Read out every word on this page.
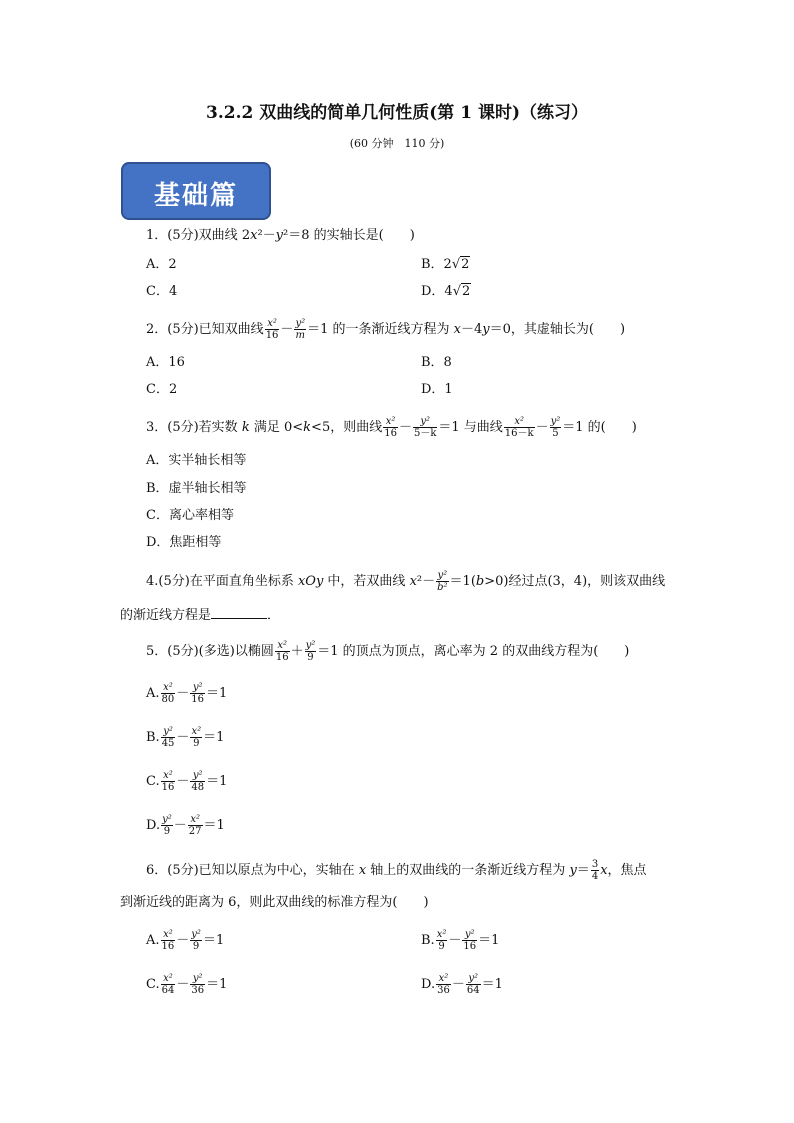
3.2.2 双曲线的简单几何性质(第 1 课时)（练习）
(60 分钟　110 分)
基础篇
1．(5分)双曲线 2x²－y²＝8 的实轴长是(　　)
A．2	B．2√2
C．4	D．4√2
2．(5分)已知双曲线 $\frac{\text{x²}}{16} - \frac{\text{y²}}{m} =1$ 的一条渐近线方程为 x－4y＝0，其虚轴长为(　　)
A．16	B．8
C．2	D．1
3．(5分)若实数 k 满足 0<k<5，则曲线 $\frac{\text{x²}}{16} - \frac{\text{y²}}{5-k} =1$ 与曲线 $\frac{\text{x²}}{16-k} - \frac{\text{y²}}{5} =1$ 的(　　)
A．实半轴长相等
B．虚半轴长相等
C．离心率相等
D．焦距相等
4.(5分)在平面直角坐标系 xOy 中，若双曲线 $x^2- \frac{\text{y²}}{\text{b²}} =1(b>0)$经过点(3，4)，则该双曲线
的渐近线方程是	．
5．(5分)(多选)以椭圆 $\frac{\text{x²}}{16} + \frac{\text{y²}}{9} =1$ 的顶点为顶点，离心率为 2 的双曲线方程为(　　)
A. $\frac{\text{x²}}{80} - \frac{\text{y²}}{16} =1$
B. $\frac{\text{y²}}{45} - \frac{\text{x²}}{9} =1$
C. $\frac{\text{x²}}{16} - \frac{\text{y²}}{48} =1$
D. $\frac{\text{y²}}{9} - \frac{\text{x²}}{27} =1$
6．(5分)已知以原点为中心，实轴在 x 轴上的双曲线的一条渐近线方程为 $y= \frac{3}{4}$ x，焦点
到渐近线的距离为 6，则此双曲线的标准方程为(　　)
A. $\frac{\text{x²}}{16} - \frac{\text{y²}}{9} =1$	B. $\frac{\text{x²}}{9} - \frac{\text{y²}}{16} =1$
C. $\frac{\text{x²}}{64} - \frac{\text{y²}}{36} =1$	D. $\frac{\text{x²}}{36} - \frac{\text{y²}}{64} =1$
